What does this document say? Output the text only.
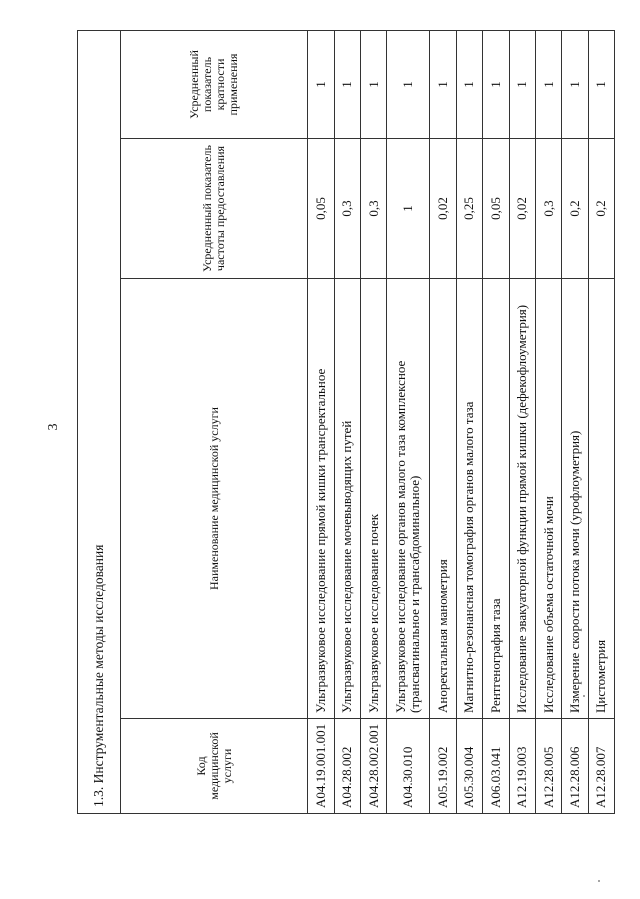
3
1.3. Инструментальные методы исследования			
Код медицинской услуги	Наименование медицинской услуги	Усредненный показатель частоты предоставления	Усредненный показатель кратности применения
A04.19.001.001	Ультразвуковое исследование прямой кишки трансректальное	0,05	1
A04.28.002	Ультразвуковое исследование мочевыводящих путей	0,3	1
A04.28.002.001	Ультразвуковое исследование почек	0,3	1
A04.30.010	Ультразвуковое исследование органов малого таза комплексное (трансвагинальное и трансабдоминальное)	1	1
A05.19.002	Аноректальная манометрия	0,02	1
A05.30.004	Магнитно-резонансная томография органов малого таза	0,25	1
A06.03.041	Рентгенография таза	0,05	1
A12.19.003	Исследование эвакуаторной функции прямой кишки (дефекофлоуметрия)	0,02	1
A12.28.005	Исследование объема остаточной мочи	0,3	1
A12.28.006	Измерение скорости потока мочи (урофлоуметрия)	0,2	1
A12.28.007	Цистометрия	0,2	1
